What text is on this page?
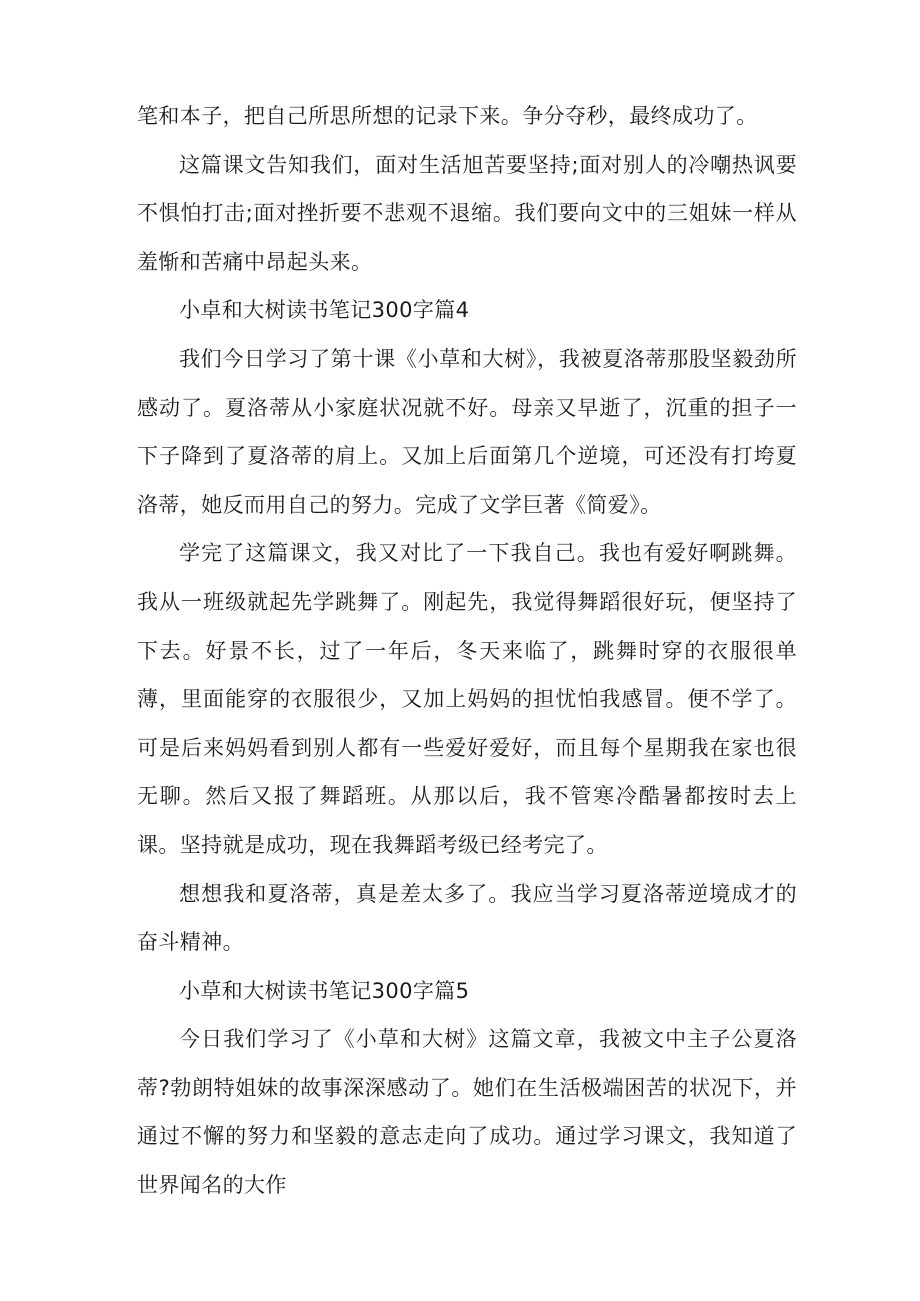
笔和本子，把自己所思所想的记录下来。争分夺秒，最终成功了。

这篇课文告知我们，面对生活旭苦要坚持;面对别人的冷嘲热讽要不惧怕打击;面对挫折要不悲观不退缩。我们要向文中的三姐妹一样从羞惭和苦痛中昂起头来。

小卓和大树读书笔记300字篇4

我们今日学习了第十课《小草和大树》，我被夏洛蒂那股坚毅劲所感动了。夏洛蒂从小家庭状况就不好。母亲又早逝了，沉重的担子一下子降到了夏洛蒂的肩上。又加上后面第几个逆境，可还没有打垮夏洛蒂，她反而用自己的努力。完成了文学巨著《简爱》。

学完了这篇课文，我又对比了一下我自己。我也有爱好啊跳舞。我从一班级就起先学跳舞了。刚起先，我觉得舞蹈很好玩，便坚持了下去。好景不长，过了一年后，冬天来临了，跳舞时穿的衣服很单薄，里面能穿的衣服很少，又加上妈妈的担忧怕我感冒。便不学了。可是后来妈妈看到别人都有一些爱好爱好，而且每个星期我在家也很无聊。然后又报了舞蹈班。从那以后，我不管寒冷酷暑都按时去上课。坚持就是成功，现在我舞蹈考级已经考完了。

想想我和夏洛蒂，真是差太多了。我应当学习夏洛蒂逆境成才的奋斗精神。

小草和大树读书笔记300字篇5

今日我们学习了《小草和大树》这篇文章，我被文中主子公夏洛蒂?勃朗特姐妹的故事深深感动了。她们在生活极端困苦的状况下，并通过不懈的努力和坚毅的意志走向了成功。通过学习课文，我知道了世界闻名的大作
